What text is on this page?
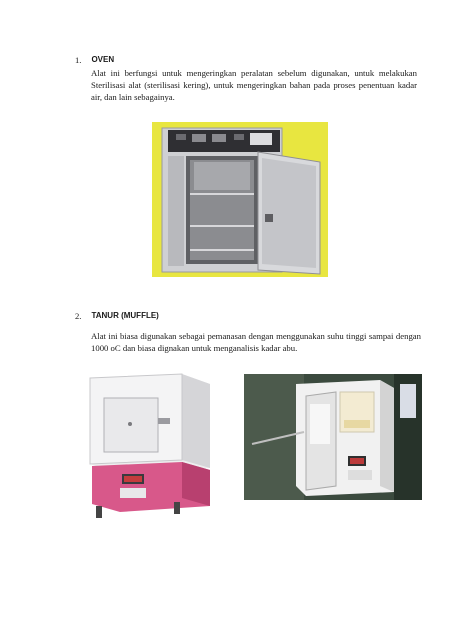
1. OVEN
Alat ini berfungsi untuk mengeringkan peralatan sebelum digunakan, untuk melakukan Sterilisasi alat (sterilisasi kering), untuk mengeringkan bahan pada proses penentuan kadar air, dan lain sebagainya.
2. TANUR (MUFFLE)
Alat ini biasa digunakan sebagai pemanasan dengan menggunakan suhu tinggi sampai dengan 1000 oC dan biasa dignakan untuk menganalisis kadar abu.
